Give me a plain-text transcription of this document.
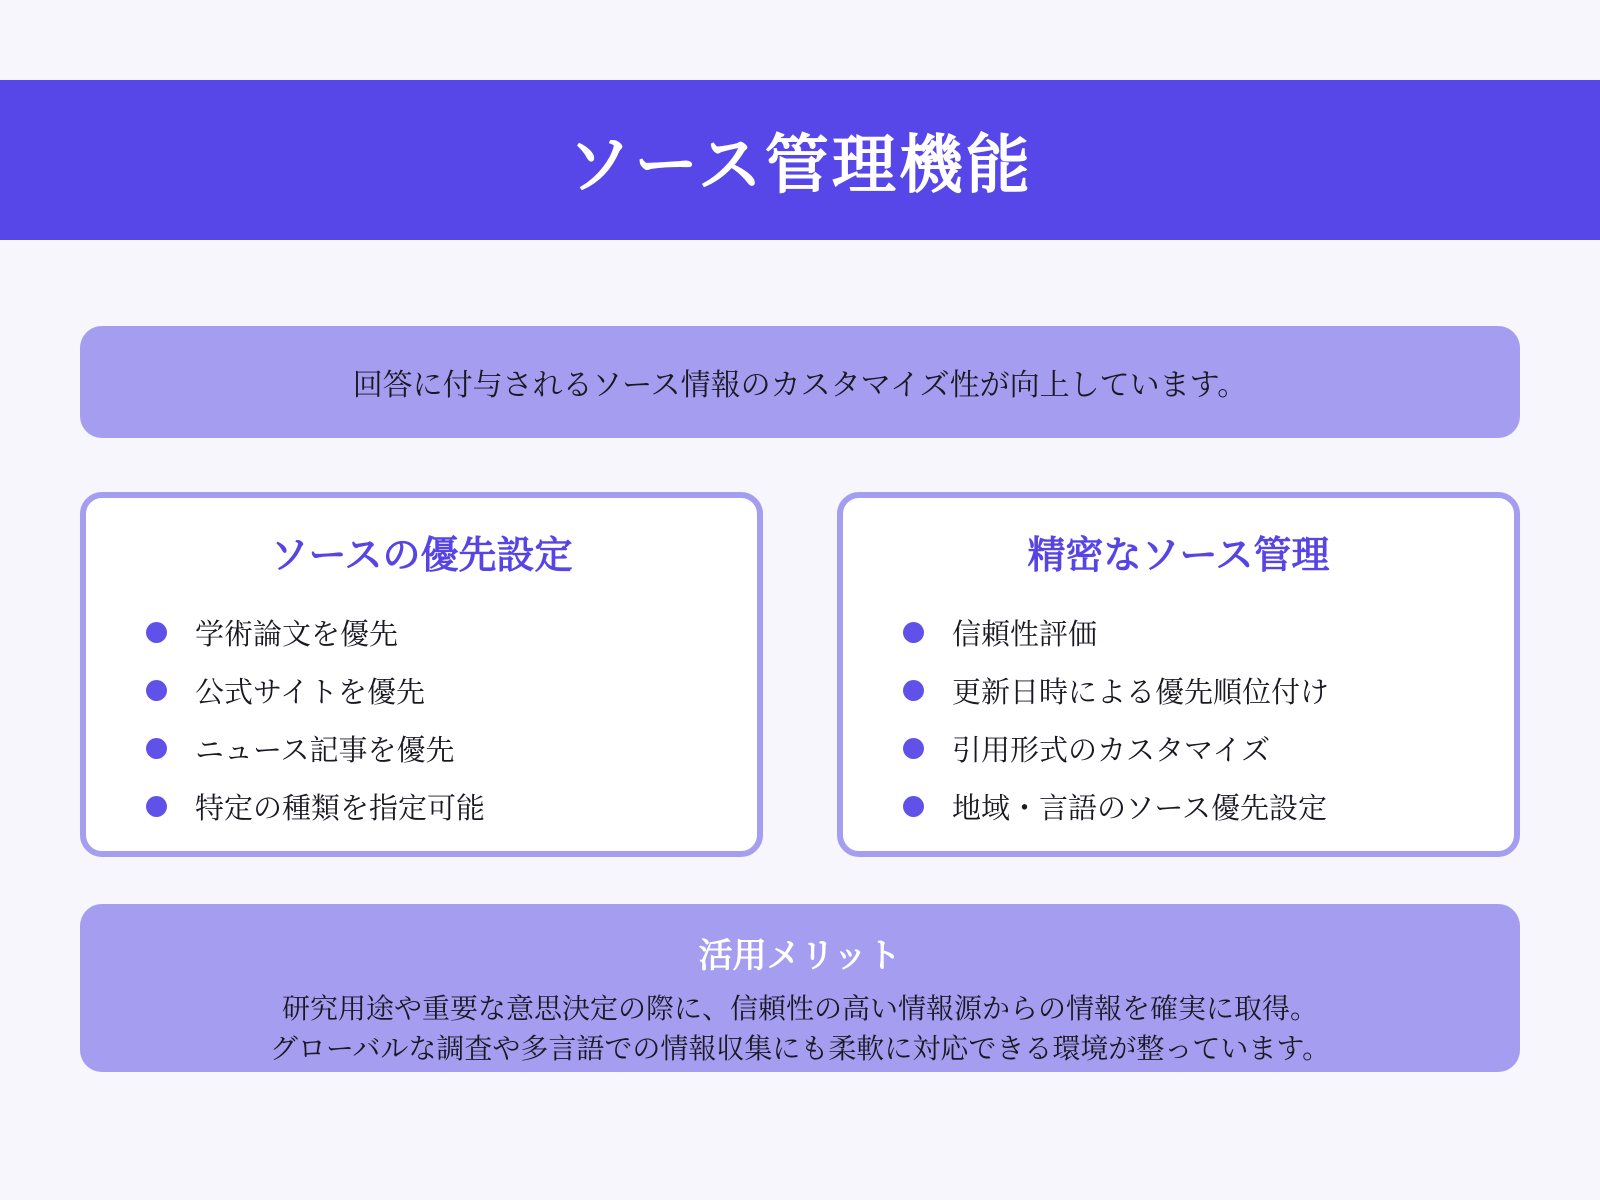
ソース管理機能
回答に付与されるソース情報のカスタマイズ性が向上しています。
ソースの優先設定
学術論文を優先
公式サイトを優先
ニュース記事を優先
特定の種類を指定可能
精密なソース管理
信頼性評価
更新日時による優先順位付け
引用形式のカスタマイズ
地域・言語のソース優先設定
活用メリット
研究用途や重要な意思決定の際に、信頼性の高い情報源からの情報を確実に取得。
グローバルな調査や多言語での情報収集にも柔軟に対応できる環境が整っています。
